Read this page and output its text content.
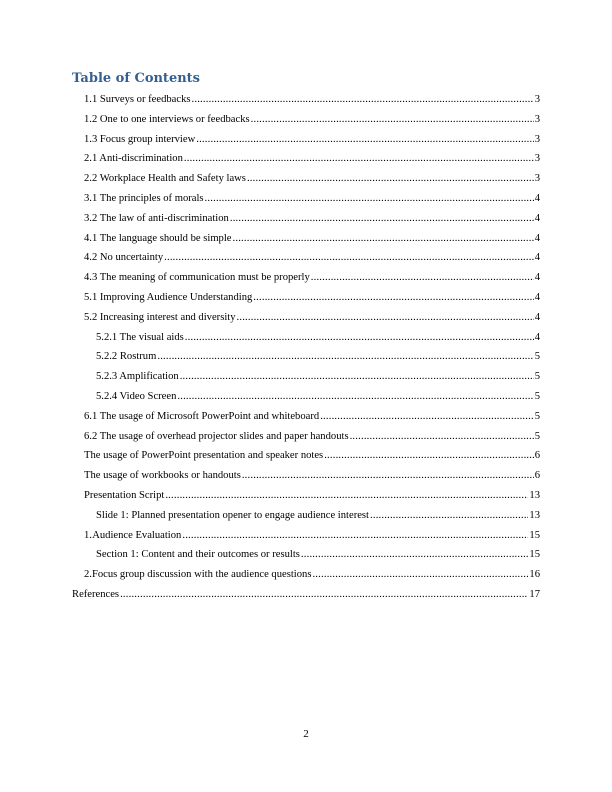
Table of Contents
1.1 Surveys or feedbacks .....	3
1.2 One to one interviews or feedbacks .....	3
1.3 Focus group interview .....	3
2.1 Anti-discrimination .....	3
2.2 Workplace Health and Safety laws .....	3
3.1 The principles of morals .....	4
3.2 The law of anti-discrimination .....	4
4.1 The language should be simple .....	4
4.2 No uncertainty .....	4
4.3 The meaning of communication must be properly .....	4
5.1 Improving Audience Understanding .....	4
5.2 Increasing interest and diversity .....	4
5.2.1 The visual aids .....	4
5.2.2 Rostrum .....	5
5.2.3 Amplification .....	5
5.2.4 Video Screen .....	5
6.1 The usage of Microsoft PowerPoint and whiteboard .....	5
6.2 The usage of overhead projector slides and paper handouts .....	5
The usage of PowerPoint presentation and speaker notes .....	6
The usage of workbooks or handouts .....	6
Presentation Script .....	13
Slide 1: Planned presentation opener to engage audience interest .....	13
1. Audience Evaluation .....	15
Section 1: Content and their outcomes or results .....	15
2. Focus group discussion with the audience questions .....	16
References .....	17
2
